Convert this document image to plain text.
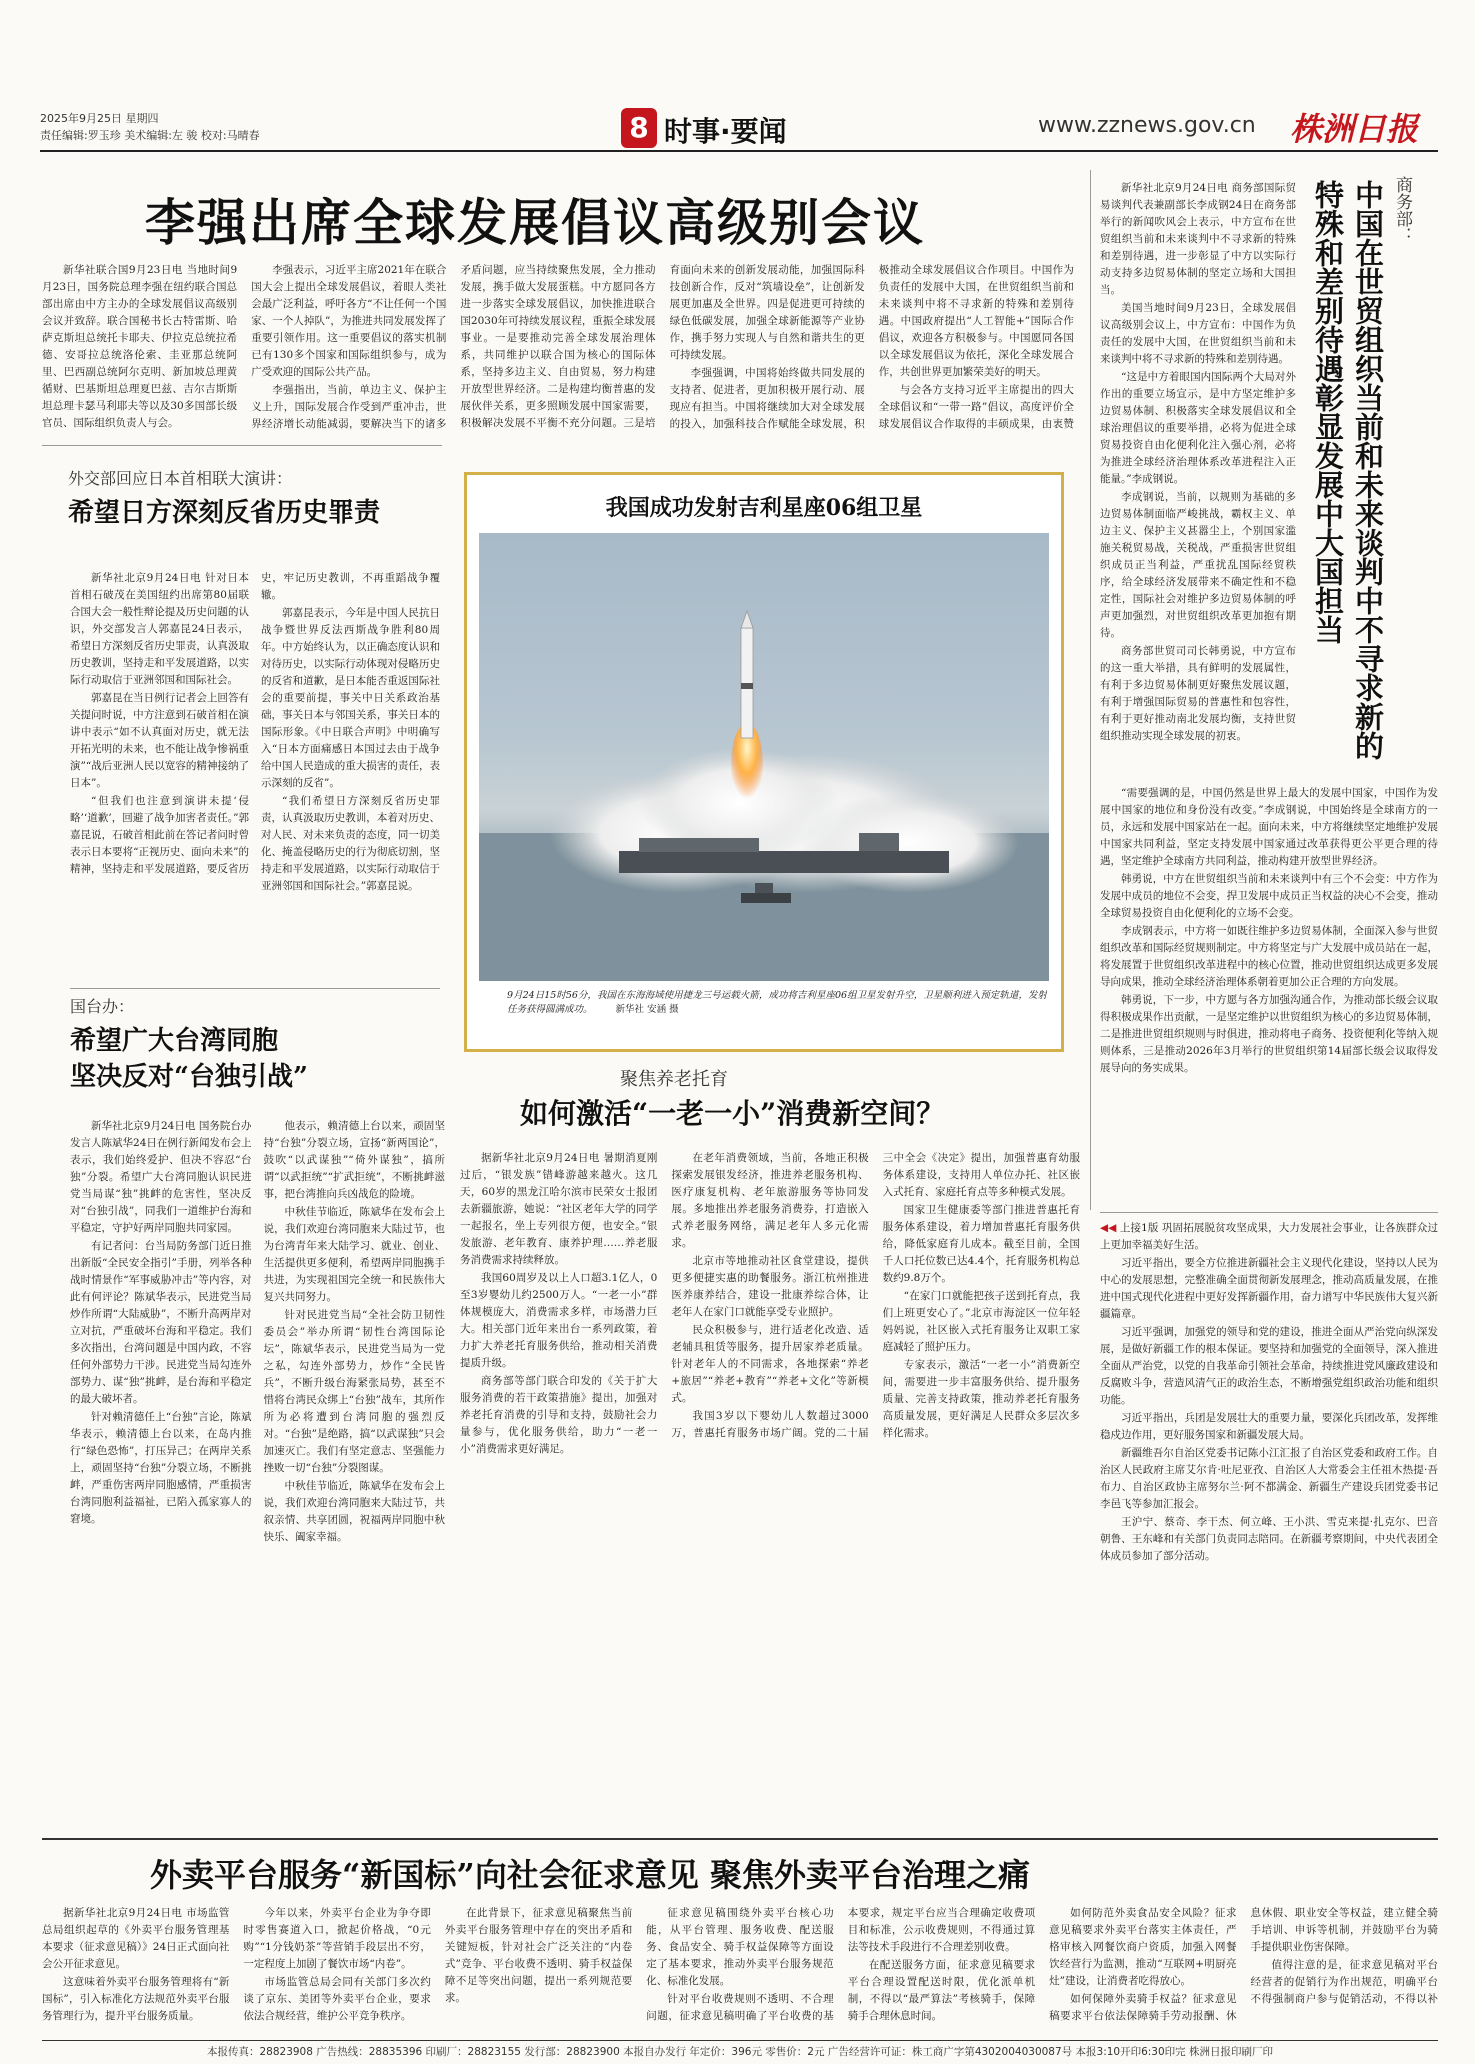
2025年9月25日 星期四
责任编辑:罗玉珍 美术编辑:左 骏 校对:马晴春	8 时事·要闻	www.zznews.gov.cn 株洲日报
李强出席全球发展倡议高级别会议

新华社联合国9月23日电 当地时间9月23日，国务院总理李强在纽约联合国总部出席由中方主办的全球发展倡议高级别会议并致辞。联合国秘书长古特雷斯、哈萨克斯坦总统托卡耶夫、伊拉克总统拉希德、安哥拉总统洛伦索、圭亚那总统阿里、巴西副总统阿尔克明、新加坡总理黄循财、巴基斯坦总理夏巴兹、吉尔吉斯斯坦总理卡瑟马利耶夫等以及30多国部长级官员、国际组织负责人与会。

李强表示，习近平主席2021年在联合国大会上提出全球发展倡议，着眼人类社会最广泛利益，呼吁各方“不让任何一个国家、一个人掉队”，为推进共同发展发挥了重要引领作用。这一重要倡议的落实机制已有130多个国家和国际组织参与，成为广受欢迎的国际公共产品。

李强指出，当前，单边主义、保护主义上升，国际发展合作受到严重冲击，世界经济增长动能减弱，要解决当下的诸多矛盾问题，应当持续聚焦发展，全力推动发展，携手做大发展蛋糕。中方愿同各方进一步落实全球发展倡议，加快推进联合国2030年可持续发展议程，重振全球发展事业。一是要推动完善全球发展治理体系，共同维护以联合国为核心的国际体系，坚持多边主义、自由贸易，努力构建开放型世界经济。二是构建均衡普惠的发展伙伴关系，更多照顾发展中国家需要，积极解决发展不平衡不充分问题。三是培育面向未来的创新发展动能，加强国际科技创新合作，反对“筑墙设垒”，让创新发展更加惠及全世界。四是促进更可持续的绿色低碳发展，加强全球新能源等产业协作，携手努力实现人与自然和谐共生的更可持续发展。

李强强调，中国将始终做共同发展的支持者、促进者，更加积极开展行动、展现应有担当。中国将继续加大对全球发展的投入，加强科技合作赋能全球发展，积极推动全球发展倡议合作项目。中国作为负责任的发展中大国，在世贸组织当前和未来谈判中将不寻求新的特殊和差别待遇。中国政府提出“人工智能+”国际合作倡议，欢迎各方积极参与。中国愿同各国以全球发展倡议为依托，深化全球发展合作，共创世界更加繁荣美好的明天。

与会各方支持习近平主席提出的四大全球倡议和“一带一路”倡议，高度评价全球发展倡议合作取得的丰硕成果，由衷赞

商务部：
中国在世贸组织当前和未来谈判中不寻求新的特殊和差别待遇彰显发展中大国担当

新华社北京9月24日电 商务部国际贸易谈判代表兼副部长李成钢24日在商务部举行的新闻吹风会上表示，中方宣布在世贸组织当前和未来谈判中不寻求新的特殊和差别待遇，进一步彰显了中方以实际行动支持多边贸易体制的坚定立场和大国担当。

美国当地时间9月23日，全球发展倡议高级别会议上，中方宣布：中国作为负责任的发展中大国，在世贸组织当前和未来谈判中将不寻求新的特殊和差别待遇。

“这是中方着眼国内国际两个大局对外作出的重要立场宣示，是中方坚定维护多边贸易体制、积极落实全球发展倡议和全球治理倡议的重要举措，必将为促进全球贸易投资自由化便利化注入强心剂，必将为推进全球经济治理体系改革进程注入正能量。”李成钢说。

李成钢说，当前，以规则为基础的多边贸易体制面临严峻挑战，霸权主义、单边主义、保护主义甚嚣尘上，个别国家滥施关税贸易战，关税战，严重损害世贸组织成员正当利益，严重扰乱国际经贸秩序，给全球经济发展带来不确定性和不稳定性，国际社会对维护多边贸易体制的呼声更加强烈，对世贸组织改革更加抱有期待。

商务部世贸司司长韩勇说，中方宣布的这一重大举措，具有鲜明的发展属性，有利于多边贸易体制更好聚焦发展议题，有利于增强国际贸易的普惠性和包容性，有利于更好推动南北发展均衡，支持世贸组织推动实现全球发展的初衷。

“需要强调的是，中国仍然是世界上最大的发展中国家，中国作为发展中国家的地位和身份没有改变。”李成钢说，中国始终是全球南方的一员，永远和发展中国家站在一起。面向未来，中方将继续坚定地维护发展中国家共同利益，坚定支持发展中国家通过改革获得更公平更合理的待遇，坚定维护全球南方共同利益，推动构建开放型世界经济。

韩勇说，中方在世贸组织当前和未来谈判中有三个不会变：中方作为发展中成员的地位不会变，捍卫发展中成员正当权益的决心不会变，推动全球贸易投资自由化便利化的立场不会变。

李成钢表示，中方将一如既往维护多边贸易体制，全面深入参与世贸组织改革和国际经贸规则制定。中方将坚定与广大发展中成员站在一起，将发展置于世贸组织改革进程中的核心位置，推动世贸组织达成更多发展导向成果，推动全球经济治理体系朝着更加公正合理的方向发展。

韩勇说，下一步，中方愿与各方加强沟通合作，为推动部长级会议取得积极成果作出贡献，一是坚定维护以世贸组织为核心的多边贸易体制，二是推进世贸组织规则与时俱进，推动将电子商务、投资便利化等纳入规则体系，三是推动2026年3月举行的世贸组织第14届部长级会议取得发展导向的务实成果。

外交部回应日本首相联大演讲：
希望日方深刻反省历史罪责

新华社北京9月24日电 针对日本首相石破茂在美国纽约出席第80届联合国大会一般性辩论提及历史问题的认识，外交部发言人郭嘉昆24日表示，希望日方深刻反省历史罪责，认真汲取历史教训，坚持走和平发展道路，以实际行动取信于亚洲邻国和国际社会。

郭嘉昆在当日例行记者会上回答有关提问时说，中方注意到石破首相在演讲中表示“如不认真面对历史，就无法开拓光明的未来，也不能让战争惨祸重演”“战后亚洲人民以宽容的精神接纳了日本”。

“但我们也注意到演讲未提‘侵略’‘道歉’，回避了战争加害者责任。”郭嘉昆说，石破首相此前在答记者问时曾表示日本要将“正视历史、面向未来”的精神，坚持走和平发展道路，要反省历史，牢记历史教训，不再重蹈战争覆辙。

郭嘉昆表示，今年是中国人民抗日战争暨世界反法西斯战争胜利80周年。中方始终认为，以正确态度认识和对待历史，以实际行动体现对侵略历史的反省和道歉，是日本能否重返国际社会的重要前提，事关中日关系政治基础，事关日本与邻国关系，事关日本的国际形象。《中日联合声明》中明确写入“日本方面痛感日本国过去由于战争给中国人民造成的重大损害的责任，表示深刻的反省”。

“我们希望日方深刻反省历史罪责，认真汲取历史教训，本着对历史、对人民、对未来负责的态度，同一切美化、掩盖侵略历史的行为彻底切割，坚持走和平发展道路，以实际行动取信于亚洲邻国和国际社会。”郭嘉昆说。

国台办：
希望广大台湾同胞
坚决反对“台独引战”

新华社北京9月24日电 国务院台办发言人陈斌华24日在例行新闻发布会上表示，我们始终爱护、但决不容忍“台独”分裂。希望广大台湾同胞认识民进党当局谋“独”挑衅的危害性，坚决反对“台独引战”，同我们一道维护台海和平稳定，守护好两岸同胞共同家园。

有记者问：台当局防务部门近日推出新版“全民安全指引”手册，列举各种战时情景作“军事威胁冲击”等内容，对此有何评论？陈斌华表示，民进党当局炒作所谓“大陆威胁”，不断升高两岸对立对抗，严重破坏台海和平稳定。我们多次指出，台湾问题是中国内政，不容任何外部势力干涉。民进党当局勾连外部势力、谋“独”挑衅，是台海和平稳定的最大破坏者。

针对赖清德任上“台独”言论，陈斌华表示，赖清德上台以来，在岛内推行“绿色恐怖”，打压异己；在两岸关系上，顽固坚持“台独”分裂立场，不断挑衅，严重伤害两岸同胞感情，严重损害台湾同胞利益福祉，已陷入孤家寡人的窘境。

他表示，赖清德上台以来，顽固坚持“台独”分裂立场，宣扬“新两国论”，鼓吹“以武谋独”“倚外谋独”，搞所谓“以武拒统”“扩武拒统”，不断挑衅滋事，把台湾推向兵凶战危的险境。

中秋佳节临近，陈斌华在发布会上说，我们欢迎台湾同胞来大陆过节，也为台湾青年来大陆学习、就业、创业、生活提供更多便利，希望两岸同胞携手共进，为实现祖国完全统一和民族伟大复兴共同努力。

针对民进党当局“全社会防卫韧性委员会”举办所谓“韧性台湾国际论坛”，陈斌华表示，民进党当局为一党之私，勾连外部势力，炒作“全民皆兵”，不断升级台海紧张局势，甚至不惜将台湾民众绑上“台独”战车，其所作所为必将遭到台湾同胞的强烈反对。“台独”是绝路，搞“以武谋独”只会加速灭亡。我们有坚定意志、坚强能力挫败一切“台独”分裂图谋。

中秋佳节临近，陈斌华在发布会上说，我们欢迎台湾同胞来大陆过节，共叙亲情、共享团圆，祝福两岸同胞中秋快乐、阖家幸福。

我国成功发射吉利星座06组卫星
9月24日15时56分，我国在东海海域使用捷龙三号运载火箭，成功将吉利星座06组卫星发射升空，卫星顺利进入预定轨道，发射任务获得圆满成功。 新华社 安涵 摄
聚焦养老托育
如何激活“一老一小”消费新空间？

据新华社北京9月24日电 暑期消夏刚过后，“银发族”错峰游越来越火。这几天，60岁的黑龙江哈尔滨市民荣女士报团去新疆旅游，她说：“社区老年大学的同学一起报名，坐上专列很方便，也安全。”银发旅游、老年教育、康养护理……养老服务消费需求持续释放。

我国60周岁及以上人口超3.1亿人，0至3岁婴幼儿约2500万人。“一老一小”群体规模庞大，消费需求多样，市场潜力巨大。相关部门近年来出台一系列政策，着力扩大养老托育服务供给，推动相关消费提质升级。

商务部等部门联合印发的《关于扩大服务消费的若干政策措施》提出，加强对养老托育消费的引导和支持，鼓励社会力量参与，优化服务供给，助力“一老一小”消费需求更好满足。

在老年消费领域，当前，各地正积极探索发展银发经济，推进养老服务机构、医疗康复机构、老年旅游服务等协同发展。多地推出养老服务消费券，打造嵌入式养老服务网络，满足老年人多元化需求。

北京市等地推动社区食堂建设，提供更多便捷实惠的助餐服务。浙江杭州推进医养康养结合，建设一批康养综合体，让老年人在家门口就能享受专业照护。

民众积极参与，进行适老化改造、适老辅具租赁等服务，提升居家养老质量。针对老年人的不同需求，各地探索“养老+旅居”“养老+教育”“养老+文化”等新模式。

我国3岁以下婴幼儿人数超过3000万，普惠托育服务市场广阔。党的二十届三中全会《决定》提出，加强普惠育幼服务体系建设，支持用人单位办托、社区嵌入式托育、家庭托育点等多种模式发展。

国家卫生健康委等部门推进普惠托育服务体系建设，着力增加普惠托育服务供给，降低家庭育儿成本。截至目前，全国千人口托位数已达4.4个，托育服务机构总数约9.8万个。

“在家门口就能把孩子送到托育点，我们上班更安心了。”北京市海淀区一位年轻妈妈说，社区嵌入式托育服务让双职工家庭减轻了照护压力。

专家表示，激活“一老一小”消费新空间，需要进一步丰富服务供给、提升服务质量、完善支持政策，推动养老托育服务高质量发展，更好满足人民群众多层次多样化需求。

◀◀ 上接1版 巩固拓展脱贫攻坚成果，大力发展社会事业，让各族群众过上更加幸福美好生活。

习近平指出，要全方位推进新疆社会主义现代化建设，坚持以人民为中心的发展思想，完整准确全面贯彻新发展理念，推动高质量发展，在推进中国式现代化进程中更好发挥新疆作用，奋力谱写中华民族伟大复兴新疆篇章。

习近平强调，加强党的领导和党的建设，推进全面从严治党向纵深发展，是做好新疆工作的根本保证。要坚持和加强党的全面领导，深入推进全面从严治党，以党的自我革命引领社会革命，持续推进党风廉政建设和反腐败斗争，营造风清气正的政治生态，不断增强党组织政治功能和组织功能。

习近平指出，兵团是发展壮大的重要力量，要深化兵团改革，发挥维稳戍边作用，更好服务国家和新疆发展大局。

新疆维吾尔自治区党委书记陈小江汇报了自治区党委和政府工作。自治区人民政府主席艾尔肯·吐尼亚孜、自治区人大常委会主任祖木热提·吾布力、自治区政协主席努尔兰·阿不都满金、新疆生产建设兵团党委书记李邑飞等参加汇报会。

王沪宁、蔡奇、李干杰、何立峰、王小洪、雪克来提·扎克尔、巴音朝鲁、王东峰和有关部门负责同志陪同。在新疆考察期间，中央代表团全体成员参加了部分活动。

外卖平台服务“新国标”向社会征求意见 聚焦外卖平台治理之痛

据新华社北京9月24日电 市场监管总局组织起草的《外卖平台服务管理基本要求（征求意见稿）》24日正式面向社会公开征求意见。

这意味着外卖平台服务管理将有“新国标”，引入标准化方法规范外卖平台服务管理行为，提升平台服务质量。

今年以来，外卖平台企业为争夺即时零售赛道入口，掀起价格战，“0元购”“1分钱奶茶”等营销手段层出不穷，一定程度上加剧了餐饮市场“内卷”。

市场监管总局会同有关部门多次约谈了京东、美团等外卖平台企业，要求依法合规经营，维护公平竞争秩序。

在此背景下，征求意见稿聚焦当前外卖平台服务管理中存在的突出矛盾和关键短板，针对社会广泛关注的“内卷式”竞争、平台收费不透明、骑手权益保障不足等突出问题，提出一系列规范要求。

征求意见稿围绕外卖平台核心功能，从平台管理、服务收费、配送服务、食品安全、骑手权益保障等方面设定了基本要求，推动外卖平台服务规范化、标准化发展。

针对平台收费规则不透明、不合理问题，征求意见稿明确了平台收费的基本要求，规定平台应当合理确定收费项目和标准，公示收费规则，不得通过算法等技术手段进行不合理差别收费。

在配送服务方面，征求意见稿要求平台合理设置配送时限，优化派单机制，不得以“最严算法”考核骑手，保障骑手合理休息时间。

如何防范外卖食品安全风险？征求意见稿要求外卖平台落实主体责任，严格审核入网餐饮商户资质，加强入网餐饮经营行为监测，推动“互联网+明厨亮灶”建设，让消费者吃得放心。

如何保障外卖骑手权益？征求意见稿要求平台依法保障骑手劳动报酬、休息休假、职业安全等权益，建立健全骑手培训、申诉等机制，并鼓励平台为骑手提供职业伤害保障。

值得注意的是，征求意见稿对平台经营者的促销行为作出规范，明确平台不得强制商户参与促销活动，不得以补

本报传真：28823908 广告热线：28835396 印刷厂：28823155 发行部：28823900 本报自办发行 年定价：396元 零售价：2元 广告经营许可证：株工商广字第4302004030087号 本报3:10开印6:30印完 株洲日报印刷厂印
